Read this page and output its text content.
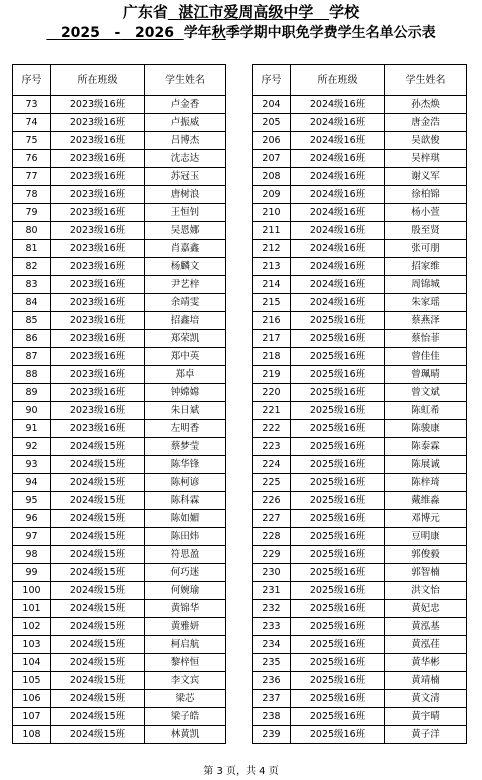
广东省 湛江市爱周高级中学 学校
2025 - 2026 学年秋季学期中职免学费学生名单公示表
序号	所在班级	学生姓名
73	2023级16班	卢金香
74	2023级16班	卢振威
75	2023级16班	吕博杰
76	2023级16班	沈志达
77	2023级16班	苏冠玉
78	2023级16班	唐树浪
79	2023级16班	王恒钊
80	2023级16班	吴恩娜
81	2023级16班	肖嘉鑫
82	2023级16班	杨麟文
83	2023级16班	尹艺梓
84	2023级16班	余靖雯
85	2023级16班	招鑫培
86	2023级16班	郑荣凯
87	2023级16班	郑中英
88	2023级16班	郑卓
89	2023级16班	钟嫦嫦
90	2023级16班	朱日斌
91	2023级16班	左明香
92	2024级15班	蔡梦莹
93	2024级15班	陈华锋
94	2024级15班	陈柯谚
95	2024级15班	陈科霖
96	2024级15班	陈如媚
97	2024级15班	陈田炜
98	2024级15班	符思盈
99	2024级15班	何巧迷
100	2024级15班	何婉瑜
101	2024级15班	黄锦华
102	2024级15班	黄雅妍
103	2024级15班	柯启航
104	2024级15班	黎梓恒
105	2024级15班	李文宾
106	2024级15班	梁芯
107	2024级15班	梁子皓
108	2024级15班	林黄凯
序号	所在班级	学生姓名
204	2024级16班	孙杰焕
205	2024级16班	唐金浩
206	2024级16班	吴歆俊
207	2024级16班	吴梓琪
208	2024级16班	谢义军
209	2024级16班	徐柏锦
210	2024级16班	杨小萱
211	2024级16班	殷至贤
212	2024级16班	张可朋
213	2024级16班	招家维
214	2024级16班	周锦城
215	2024级16班	朱家瑶
216	2025级16班	蔡燕泽
217	2025级16班	蔡怡菲
218	2025级16班	曾佳佳
219	2025级16班	曾珮晴
220	2025级16班	曾文斌
221	2025级16班	陈虹希
222	2025级16班	陈骏康
223	2025级16班	陈泰霖
224	2025级16班	陈展诚
225	2025级16班	陈梓琦
226	2025级16班	戴维淼
227	2025级16班	邓博元
228	2025级16班	豆明康
229	2025级16班	郭俊毅
230	2025级16班	郭智楠
231	2025级16班	洪文怡
232	2025级16班	黄妃忠
233	2025级16班	黄泓基
234	2025级16班	黄泓荏
235	2025级16班	黄华彬
236	2025级16班	黄靖楠
237	2025级16班	黄文清
238	2025级16班	黄宇晴
239	2025级16班	黄子洋
第 3 页，共 4 页
